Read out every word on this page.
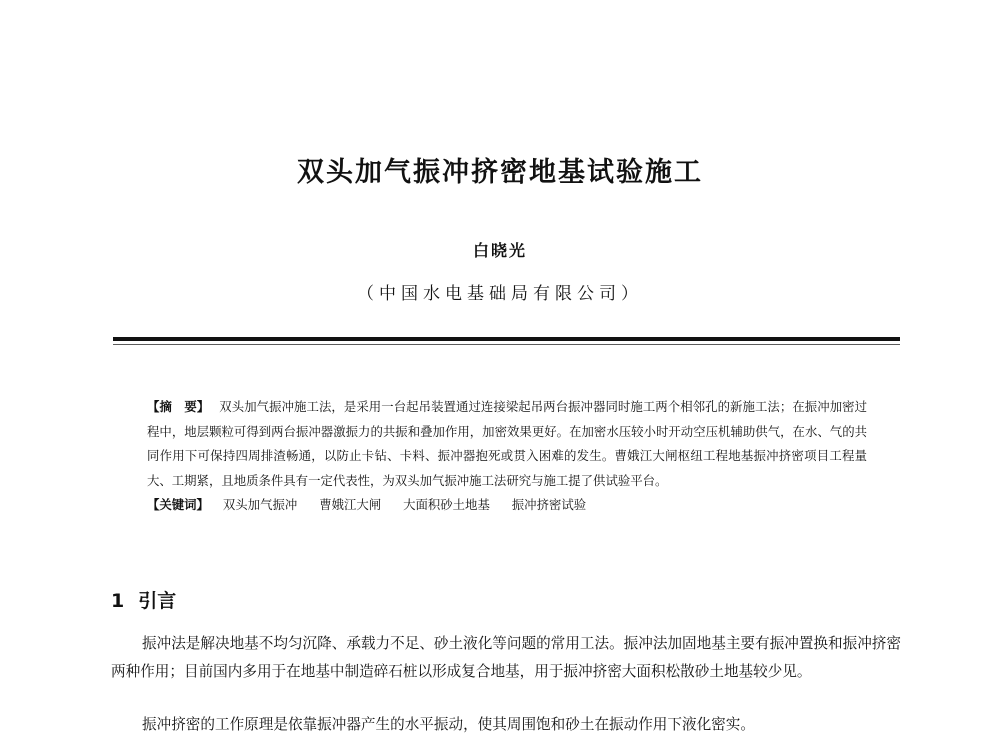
双头加气振冲挤密地基试验施工
白晓光
（中国水电基础局有限公司）
【摘　要】 双头加气振冲施工法，是采用一台起吊装置通过连接梁起吊两台振冲器同时施工两个相邻孔的新施工法；在振冲加密过程中，地层颗粒可得到两台振冲器激振力的共振和叠加作用，加密效果更好。在加密水压较小时开动空压机辅助供气，在水、气的共同作用下可保持四周排渣畅通，以防止卡钻、卡料、振冲器抱死或贯入困难的发生。曹娥江大闸枢纽工程地基振冲挤密项目工程量大、工期紧，且地质条件具有一定代表性，为双头加气振冲施工法研究与施工提了供试验平台。
【关键词】 双头加气振冲 曹娥江大闸 大面积砂土地基 振冲挤密试验
1 引言
振冲法是解决地基不均匀沉降、承载力不足、砂土液化等问题的常用工法。振冲法加固地基主要有振冲置换和振冲挤密两种作用；目前国内多用于在地基中制造碎石桩以形成复合地基，用于振冲挤密大面积松散砂土地基较少见。
振冲挤密的工作原理是依靠振冲器产生的水平振动，使其周围饱和砂土在振动作用下液化密实。
